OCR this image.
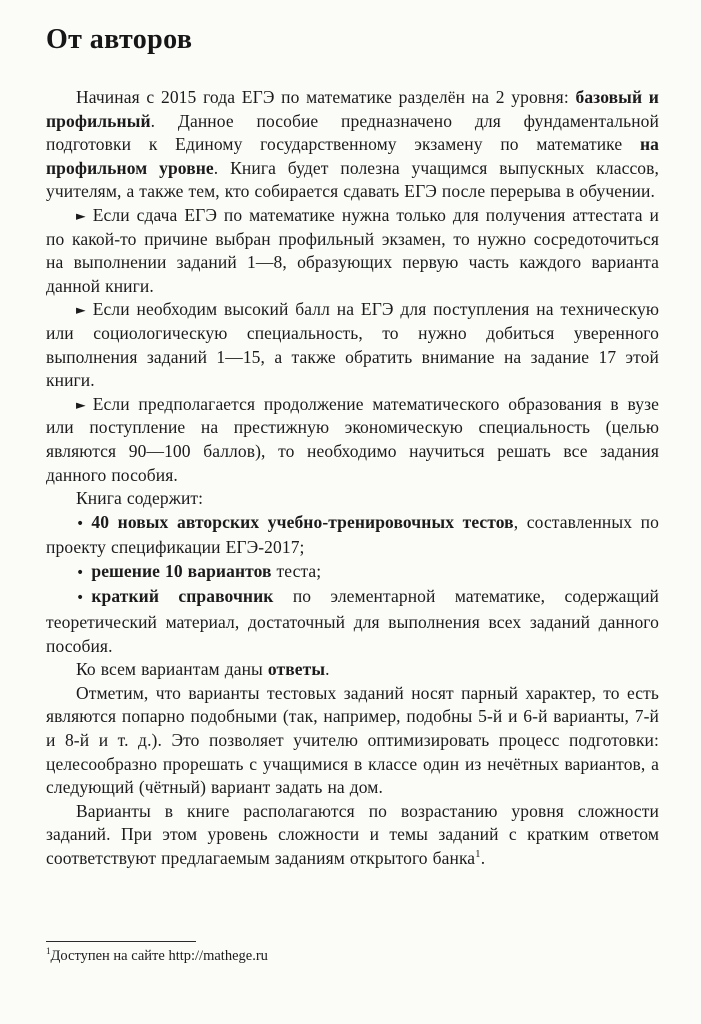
От авторов

Начиная с 2015 года ЕГЭ по математике разделён на 2 уровня: базовый и профильный. Данное пособие предназначено для фундаментальной подготовки к Единому государственному экзамену по математике на профильном уровне. Книга будет полезна учащимся выпускных классов, учителям, а также тем, кто собирается сдавать ЕГЭ после перерыва в обучении.

► Если сдача ЕГЭ по математике нужна только для получения аттестата и по какой-то причине выбран профильный экзамен, то нужно сосредоточиться на выполнении заданий 1—8, образующих первую часть каждого варианта данной книги.

► Если необходим высокий балл на ЕГЭ для поступления на техническую или социологическую специальность, то нужно добиться уверенного выполнения заданий 1—15, а также обратить внимание на задание 17 этой книги.

► Если предполагается продолжение математического образования в вузе или поступление на престижную экономическую специальность (целью являются 90—100 баллов), то необходимо научиться решать все задания данного пособия.

Книга содержит:

• 40 новых авторских учебно-тренировочных тестов, составленных по проекту спецификации ЕГЭ-2017;

• решение 10 вариантов теста;

• краткий справочник по элементарной математике, содержащий теоретический материал, достаточный для выполнения всех заданий данного пособия.

Ко всем вариантам даны ответы.

Отметим, что варианты тестовых заданий носят парный характер, то есть являются попарно подобными (так, например, подобны 5-й и 6-й варианты, 7-й и 8-й и т. д.). Это позволяет учителю оптимизировать процесс подготовки: целесообразно прорешать с учащимися в классе один из нечётных вариантов, а следующий (чётный) вариант задать на дом.

Варианты в книге располагаются по возрастанию уровня сложности заданий. При этом уровень сложности и темы заданий с кратким ответом соответствуют предлагаемым заданиям открытого банка$^1$.

$^1$Доступен на сайте http://mathege.ru
